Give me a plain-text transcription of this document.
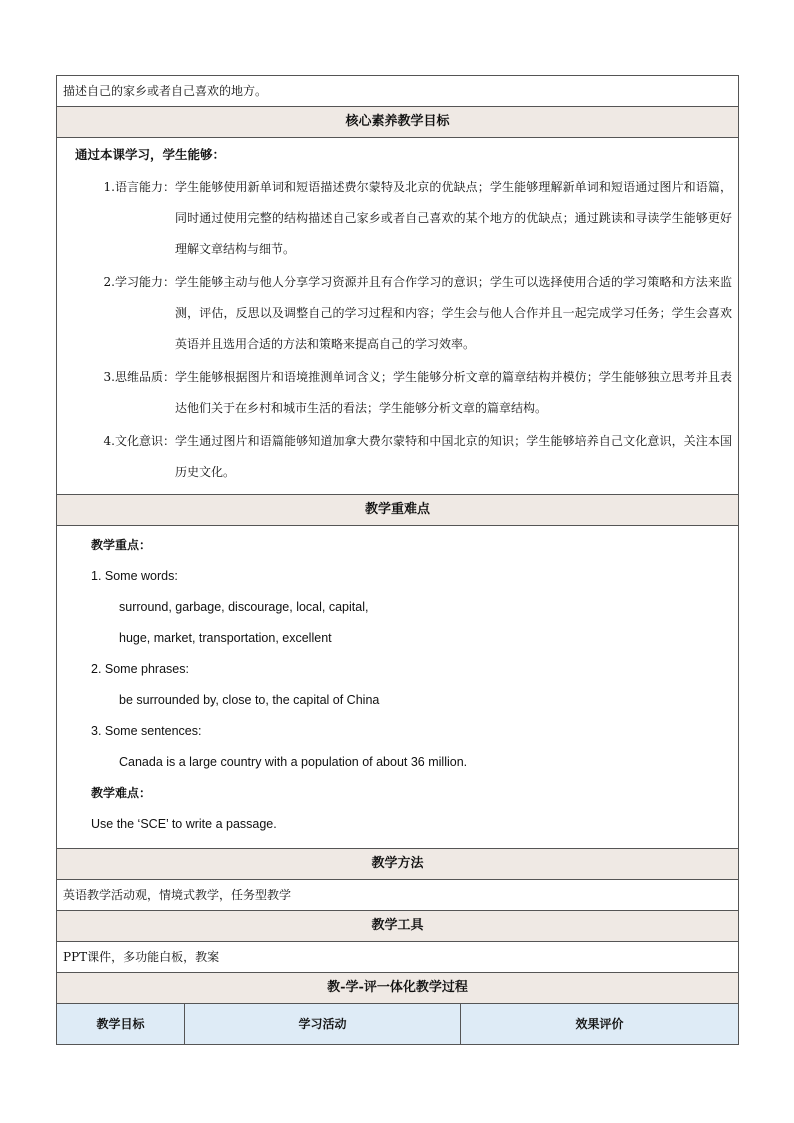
描述自己的家乡或者自己喜欢的地方。
核心素养教学目标

通过本课学习，学生能够：
1.语言能力： 学生能够使用新单词和短语描述费尔蒙特及北京的优缺点；学生能够理解新单词和短语通过图片和语篇，同时通过使用完整的结构描述自己家乡或者自己喜欢的某个地方的优缺点；通过跳读和寻读学生能够更好理解文章结构与细节。
2.学习能力： 学生能够主动与他人分享学习资源并且有合作学习的意识；学生可以选择使用合适的学习策略和方法来监测，评估，反思以及调整自己的学习过程和内容；学生会与他人合作并且一起完成学习任务；学生会喜欢英语并且选用合适的方法和策略来提高自己的学习效率。
3.思维品质： 学生能够根据图片和语境推测单词含义；学生能够分析文章的篇章结构并模仿；学生能够独立思考并且表达他们关于在乡村和城市生活的看法；学生能够分析文章的篇章结构。
4.文化意识： 学生通过图片和语篇能够知道加拿大费尔蒙特和中国北京的知识；学生能够培养自己文化意识，关注本国历史文化。

教学重难点

教学重点：
1. Some words:
surround, garbage, discourage, local, capital,
huge, market, transportation, excellent
2. Some phrases:
be surrounded by, close to, the capital of China
3. Some sentences:
Canada is a large country with a population of about 36 million.
教学难点：
Use the ‘SCE’ to write a passage.

教学方法
英语教学活动观，情境式教学，任务型教学
教学工具
PPT课件，多功能白板，教案
教-学-评一体化教学过程
教学目标	学习活动	效果评价
